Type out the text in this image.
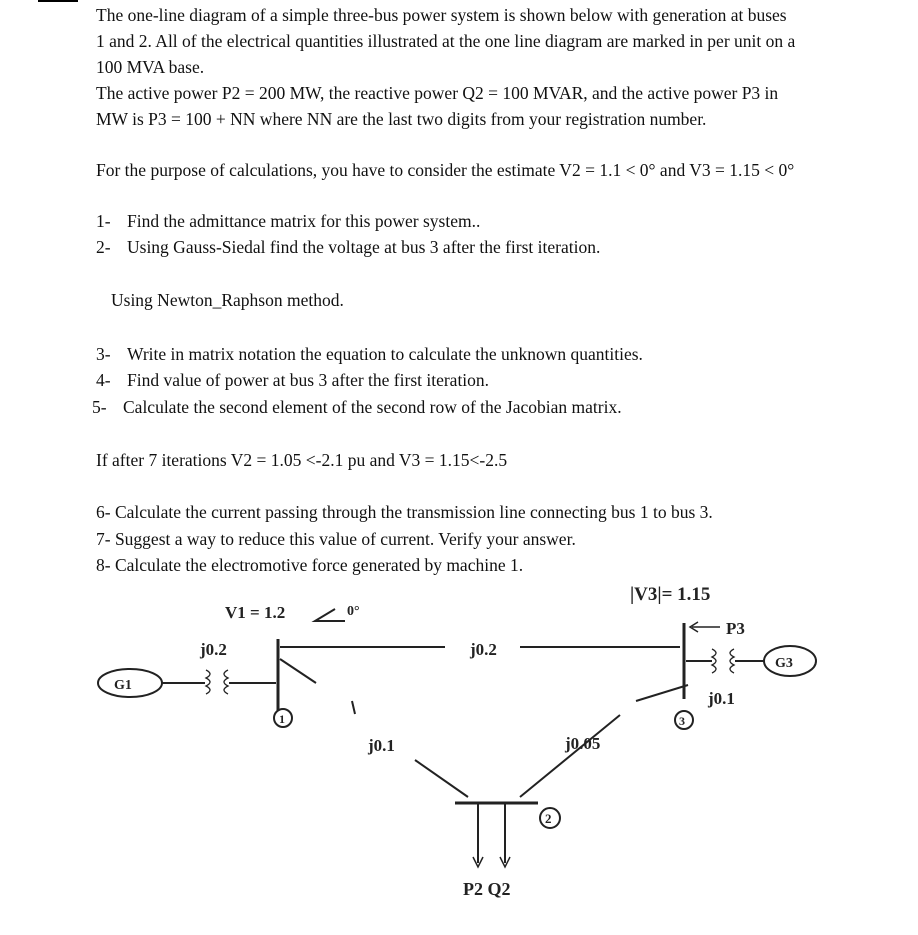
The one-line diagram of a simple three-bus power system is shown below with generation at buses
1 and 2. All of the electrical quantities illustrated at the one line diagram are marked in per unit on a
100 MVA base.
The active power P2 = 200 MW, the reactive power Q2 = 100 MVAR, and the active power P3 in
MW is P3 = 100 + NN where NN are the last two digits from your registration number.
For the purpose of calculations, you have to consider the estimate V2 = 1.1 < 0° and V3 = 1.15 < 0°
1- Find the admittance matrix for this power system..
2- Using Gauss-Siedal find the voltage at bus 3 after the first iteration.
Using Newton_Raphson method.
3- Write in matrix notation the equation to calculate the unknown quantities.
4- Find value of power at bus 3 after the first iteration.
5- Calculate the second element of the second row of the Jacobian matrix.
If after 7 iterations V2 = 1.05 <-2.1 pu and V3 = 1.15<-2.5
6- Calculate the current passing through the transmission line connecting bus 1 to bus 3.
7- Suggest a way to reduce this value of current. Verify your answer.
8- Calculate the electromotive force generated by machine 1.
|V3|= 1.15
V1 = 1.2	0°
G1
G3
j0.2	j0.2
j0.1	j0.05
j0.1
P3
1
2
3
P2 Q2
